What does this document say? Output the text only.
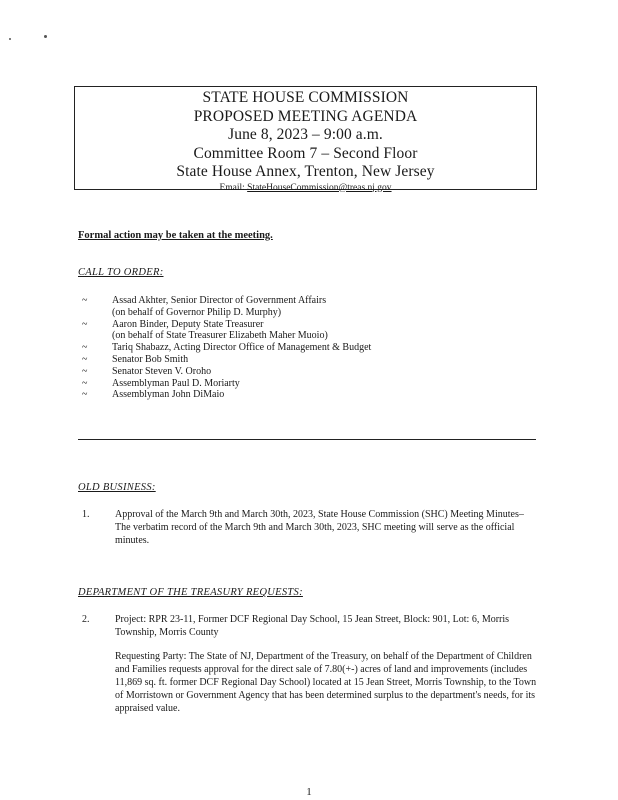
STATE HOUSE COMMISSION
PROPOSED MEETING AGENDA
June 8, 2023 – 9:00 a.m.
Committee Room 7 – Second Floor
State House Annex, Trenton, New Jersey
Email: StateHouseCommission@treas.nj.gov
Formal action may be taken at the meeting.
CALL TO ORDER:
~ Assad Akhter, Senior Director of Government Affairs
(on behalf of Governor Philip D. Murphy)
~ Aaron Binder, Deputy State Treasurer
(on behalf of State Treasurer Elizabeth Maher Muoio)
~ Tariq Shabazz, Acting Director Office of Management & Budget
~ Senator Bob Smith
~ Senator Steven V. Oroho
~ Assemblyman Paul D. Moriarty
~ Assemblyman John DiMaio
OLD BUSINESS:
1.	Approval of the March 9th and March 30th, 2023, State House Commission (SHC) Meeting Minutes–The verbatim record of the March 9th and March 30th, 2023, SHC meeting will serve as the official minutes.

DEPARTMENT OF THE TREASURY REQUESTS:
2.	Project: RPR 23-11, Former DCF Regional Day School, 15 Jean Street, Block: 901, Lot: 6, Morris Township, Morris County

Requesting Party: The State of NJ, Department of the Treasury, on behalf of the Department of Children and Families requests approval for the direct sale of 7.80(+-) acres of land and improvements (includes 11,869 sq. ft. former DCF Regional Day School) located at 15 Jean Street, Morris Township, to the Town of Morristown or Government Agency that has been determined surplus to the department's needs, for its appraised value.

1
